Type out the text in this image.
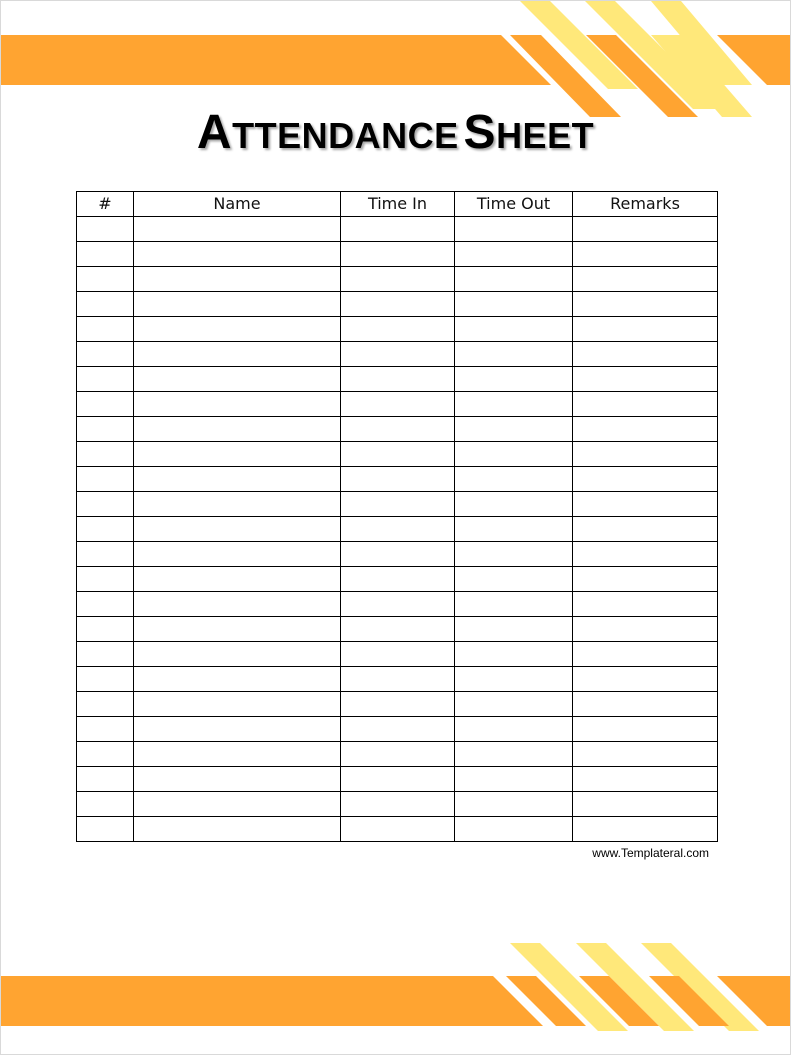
ATTENDANCE SHEET
#	Name	Time In	Time Out	Remarks

www.Templateral.com
